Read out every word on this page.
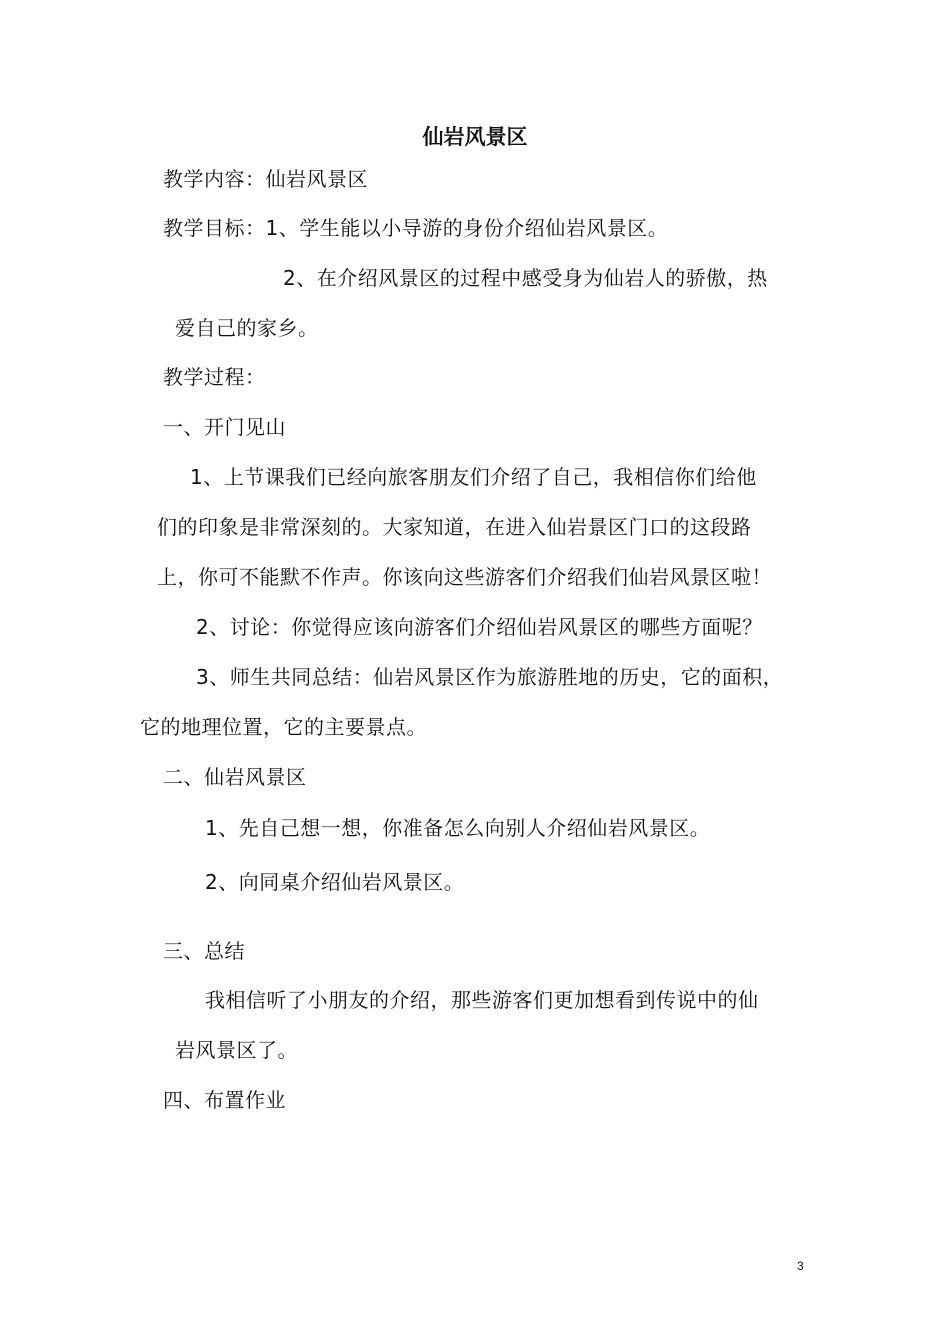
仙岩风景区
教学内容：仙岩风景区
教学目标：1、学生能以小导游的身份介绍仙岩风景区。
2、在介绍风景区的过程中感受身为仙岩人的骄傲，热
爱自己的家乡。
教学过程：
一、开门见山
1、上节课我们已经向旅客朋友们介绍了自己，我相信你们给他
们的印象是非常深刻的。大家知道，在进入仙岩景区门口的这段路
上，你可不能默不作声。你该向这些游客们介绍我们仙岩风景区啦！
2、讨论：你觉得应该向游客们介绍仙岩风景区的哪些方面呢？
3、师生共同总结：仙岩风景区作为旅游胜地的历史，它的面积，
它的地理位置，它的主要景点。
二、仙岩风景区
1、先自己想一想，你准备怎么向别人介绍仙岩风景区。
2、向同桌介绍仙岩风景区。
三、总结
我相信听了小朋友的介绍，那些游客们更加想看到传说中的仙
岩风景区了。
四、布置作业
3
